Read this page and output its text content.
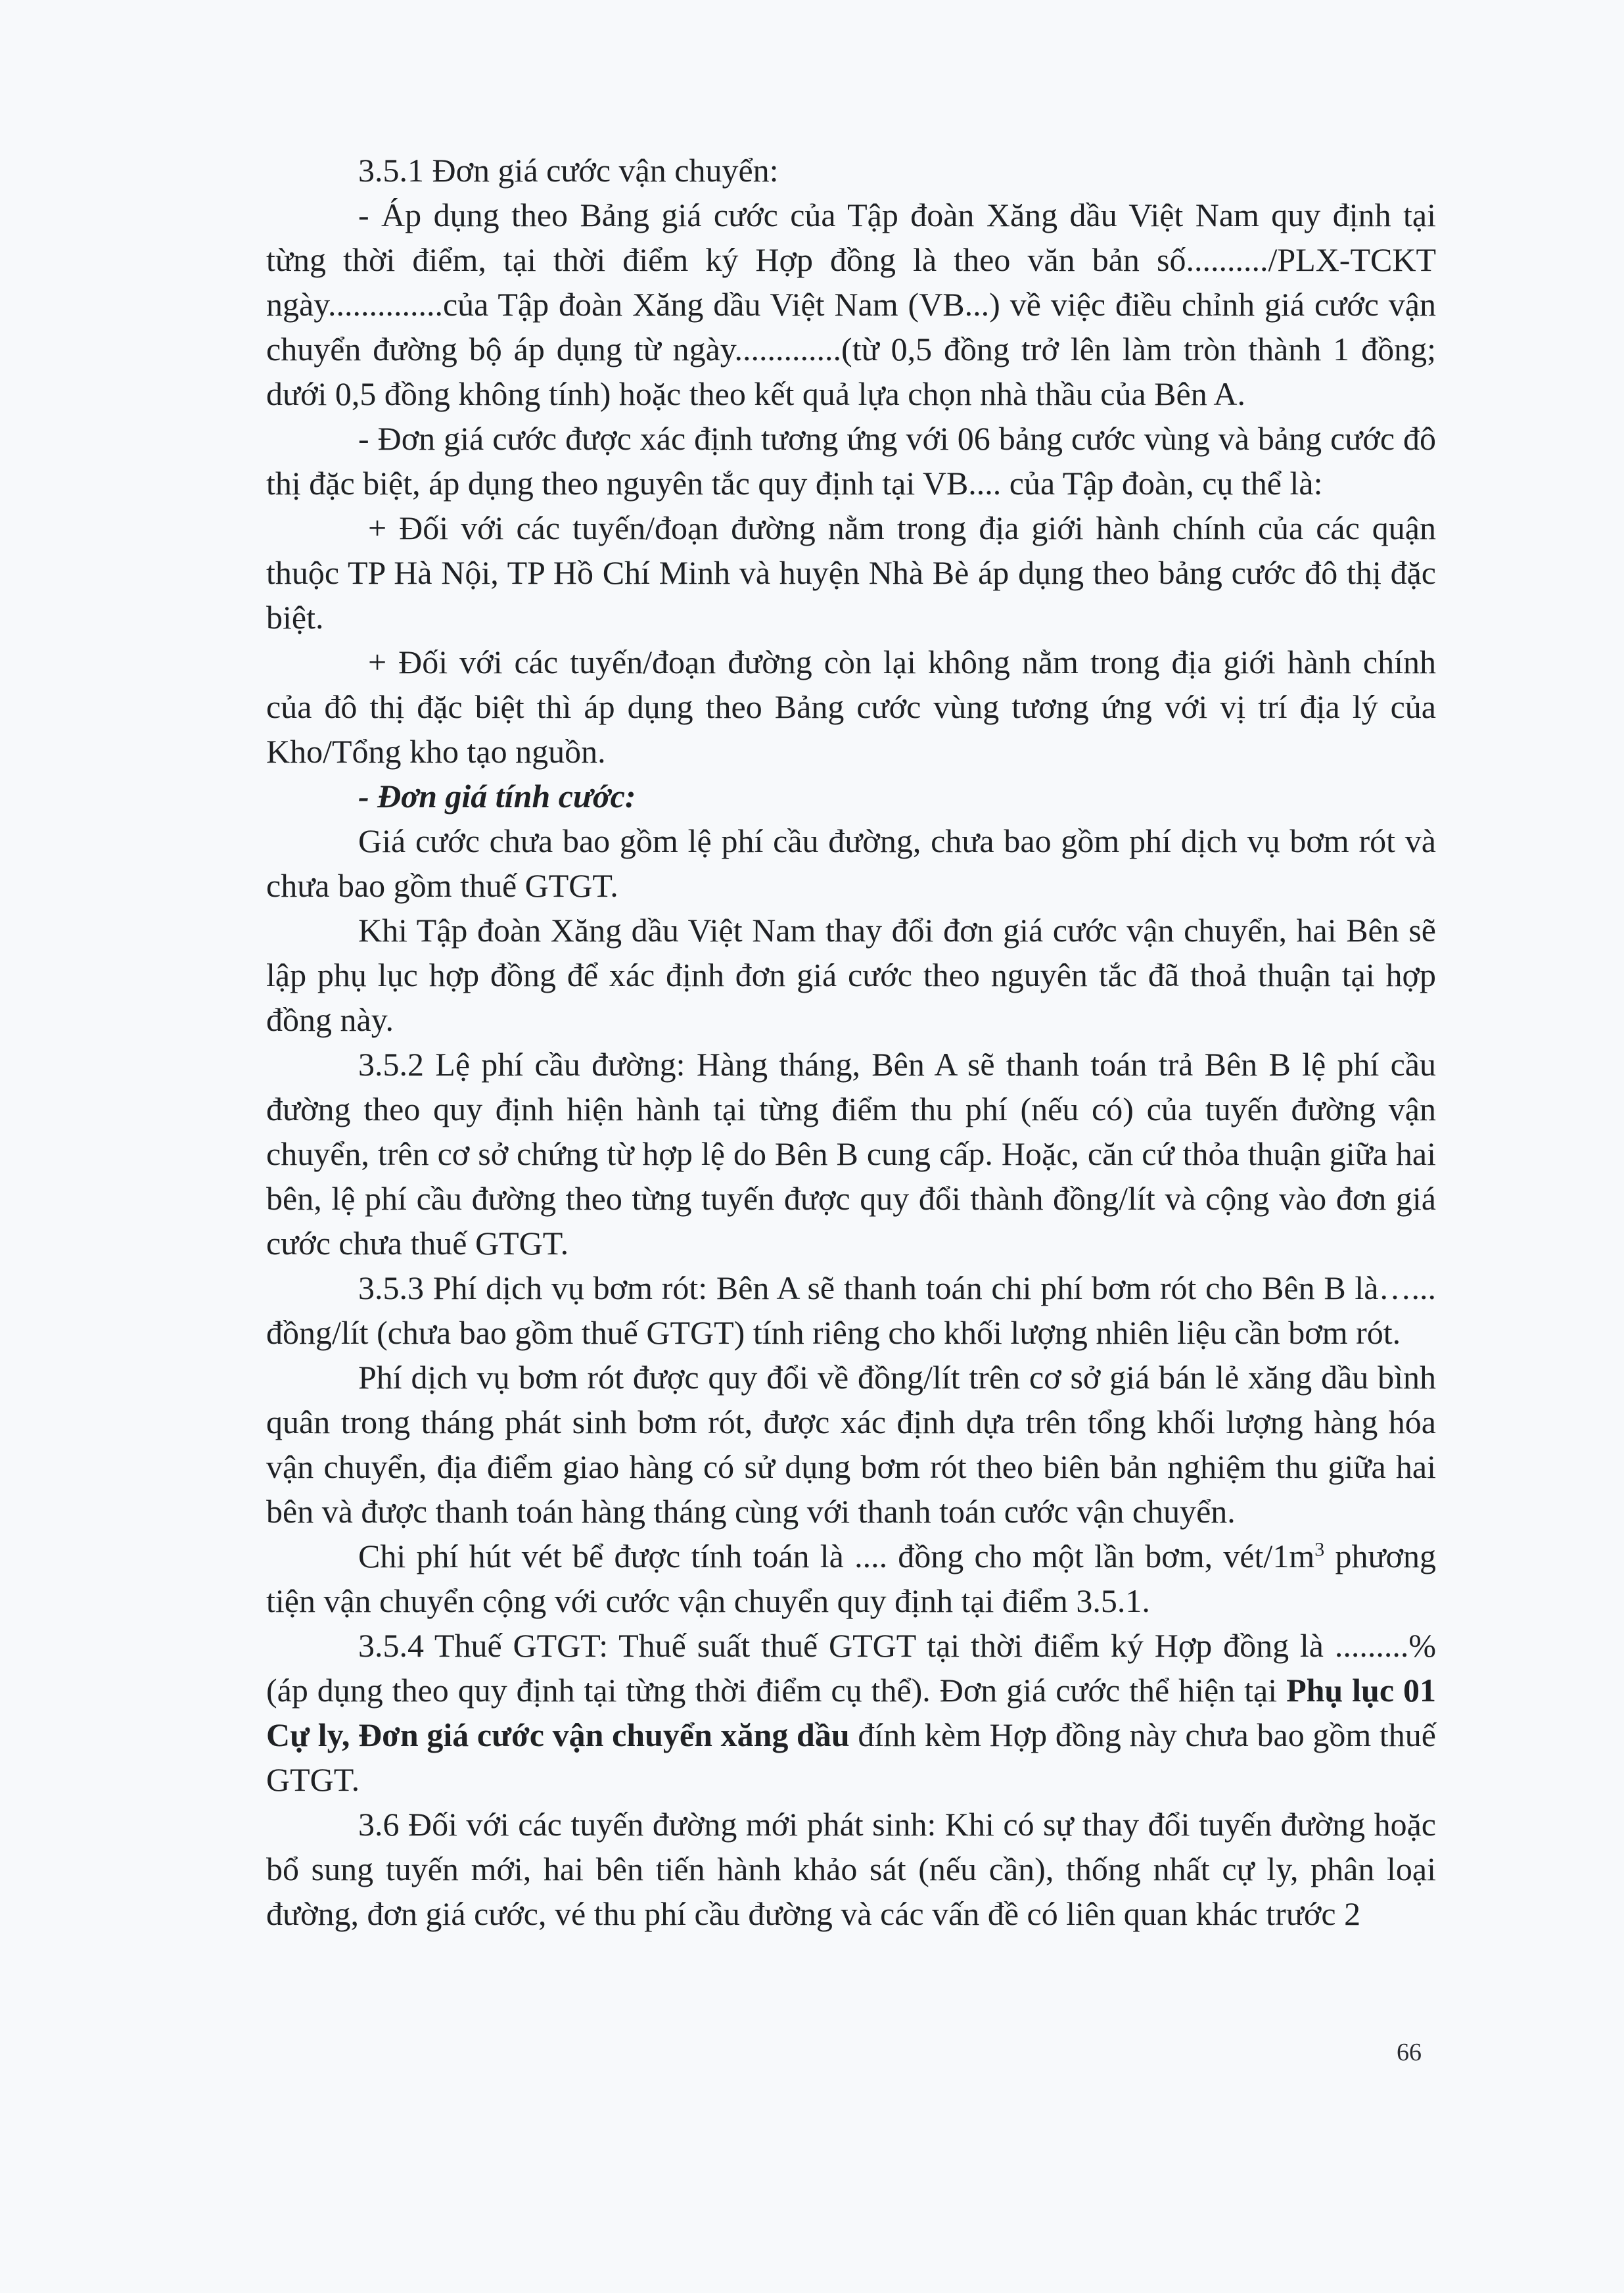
3.5.1 Đơn giá cước vận chuyển:

- Áp dụng theo Bảng giá cước của Tập đoàn Xăng dầu Việt Nam quy định tại từng thời điểm, tại thời điểm ký Hợp đồng là theo văn bản số........../PLX-TCKT ngày..............của Tập đoàn Xăng dầu Việt Nam (VB...) về việc điều chỉnh giá cước vận chuyển đường bộ áp dụng từ ngày.............(từ 0,5 đồng trở lên làm tròn thành 1 đồng; dưới 0,5 đồng không tính) hoặc theo kết quả lựa chọn nhà thầu của Bên A.

- Đơn giá cước được xác định tương ứng với 06 bảng cước vùng và bảng cước đô thị đặc biệt, áp dụng theo nguyên tắc quy định tại VB.... của Tập đoàn, cụ thể là:

+ Đối với các tuyến/đoạn đường nằm trong địa giới hành chính của các quận thuộc TP Hà Nội, TP Hồ Chí Minh và huyện Nhà Bè áp dụng theo bảng cước đô thị đặc biệt.

+ Đối với các tuyến/đoạn đường còn lại không nằm trong địa giới hành chính của đô thị đặc biệt thì áp dụng theo Bảng cước vùng tương ứng với vị trí địa lý của Kho/Tổng kho tạo nguồn.

- Đơn giá tính cước:

Giá cước chưa bao gồm lệ phí cầu đường, chưa bao gồm phí dịch vụ bơm rót và chưa bao gồm thuế GTGT.

Khi Tập đoàn Xăng dầu Việt Nam thay đổi đơn giá cước vận chuyển, hai Bên sẽ lập phụ lục hợp đồng để xác định đơn giá cước theo nguyên tắc đã thoả thuận tại hợp đồng này.

3.5.2 Lệ phí cầu đường: Hàng tháng, Bên A sẽ thanh toán trả Bên B lệ phí cầu đường theo quy định hiện hành tại từng điểm thu phí (nếu có) của tuyến đường vận chuyển, trên cơ sở chứng từ hợp lệ do Bên B cung cấp. Hoặc, căn cứ thỏa thuận giữa hai bên, lệ phí cầu đường theo từng tuyến được quy đổi thành đồng/lít và cộng vào đơn giá cước chưa thuế GTGT.

3.5.3 Phí dịch vụ bơm rót: Bên A sẽ thanh toán chi phí bơm rót cho Bên B là…... đồng/lít (chưa bao gồm thuế GTGT) tính riêng cho khối lượng nhiên liệu cần bơm rót.

Phí dịch vụ bơm rót được quy đổi về đồng/lít trên cơ sở giá bán lẻ xăng dầu bình quân trong tháng phát sinh bơm rót, được xác định dựa trên tổng khối lượng hàng hóa vận chuyển, địa điểm giao hàng có sử dụng bơm rót theo biên bản nghiệm thu giữa hai bên và được thanh toán hàng tháng cùng với thanh toán cước vận chuyển.

Chi phí hút vét bể được tính toán là .... đồng cho một lần bơm, vét/$1m^3$ phương tiện vận chuyển cộng với cước vận chuyển quy định tại điểm 3.5.1.

3.5.4 Thuế GTGT: Thuế suất thuế GTGT tại thời điểm ký Hợp đồng là .........% (áp dụng theo quy định tại từng thời điểm cụ thể). Đơn giá cước thể hiện tại Phụ lục 01 Cự ly, Đơn giá cước vận chuyển xăng dầu đính kèm Hợp đồng này chưa bao gồm thuế GTGT.

3.6 Đối với các tuyến đường mới phát sinh: Khi có sự thay đổi tuyến đường hoặc bổ sung tuyến mới, hai bên tiến hành khảo sát (nếu cần), thống nhất cự ly, phân loại đường, đơn giá cước, vé thu phí cầu đường và các vấn đề có liên quan khác trước 2

66
